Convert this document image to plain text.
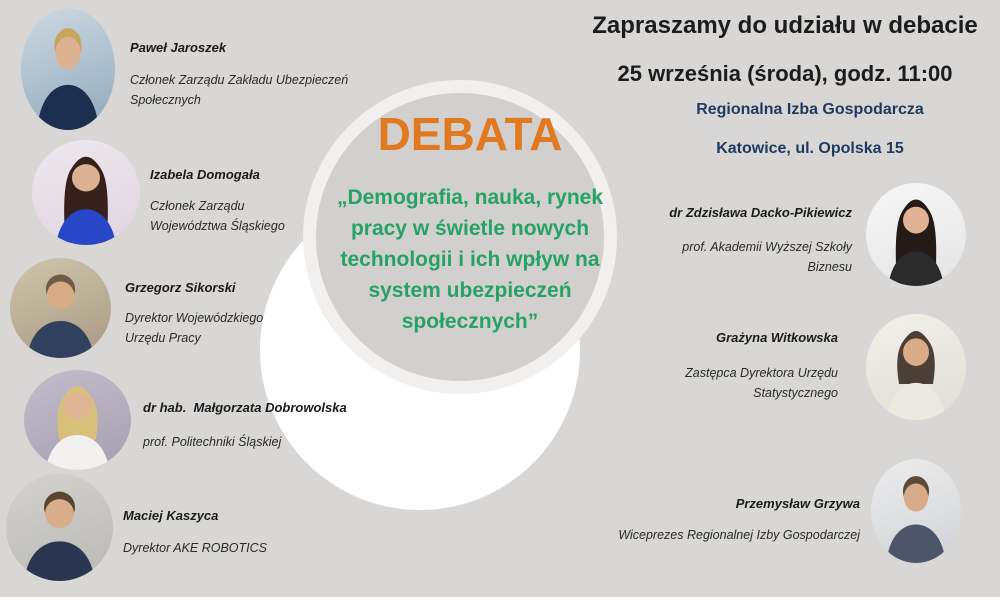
DEBATA

„Demografia, nauka, rynek pracy w świetle nowych technologii i ich wpływ na system ubezpieczeń społecznych”

Zapraszamy do udziału w debacie

25 września (środa), godz. 11:00

Regionalna Izba Gospodarcza

Katowice, ul. Opolska 15

Paweł Jaroszek
Członek Zarządu Zakładu Ubezpieczeń Społecznych
Izabela Domogała
Członek Zarządu Województwa Śląskiego
Grzegorz Sikorski
Dyrektor Wojewódzkiego Urzędu Pracy
dr hab.  Małgorzata Dobrowolska
prof. Politechniki Śląskiej
Maciej Kaszyca
Dyrektor AKE ROBOTICS
dr Zdzisława Dacko-Pikiewicz
prof. Akademii Wyższej Szkoły Biznesu
Grażyna Witkowska
Zastępca Dyrektora Urzędu Statystycznego
Przemysław Grzywa
Wiceprezes Regionalnej Izby Gospodarczej
